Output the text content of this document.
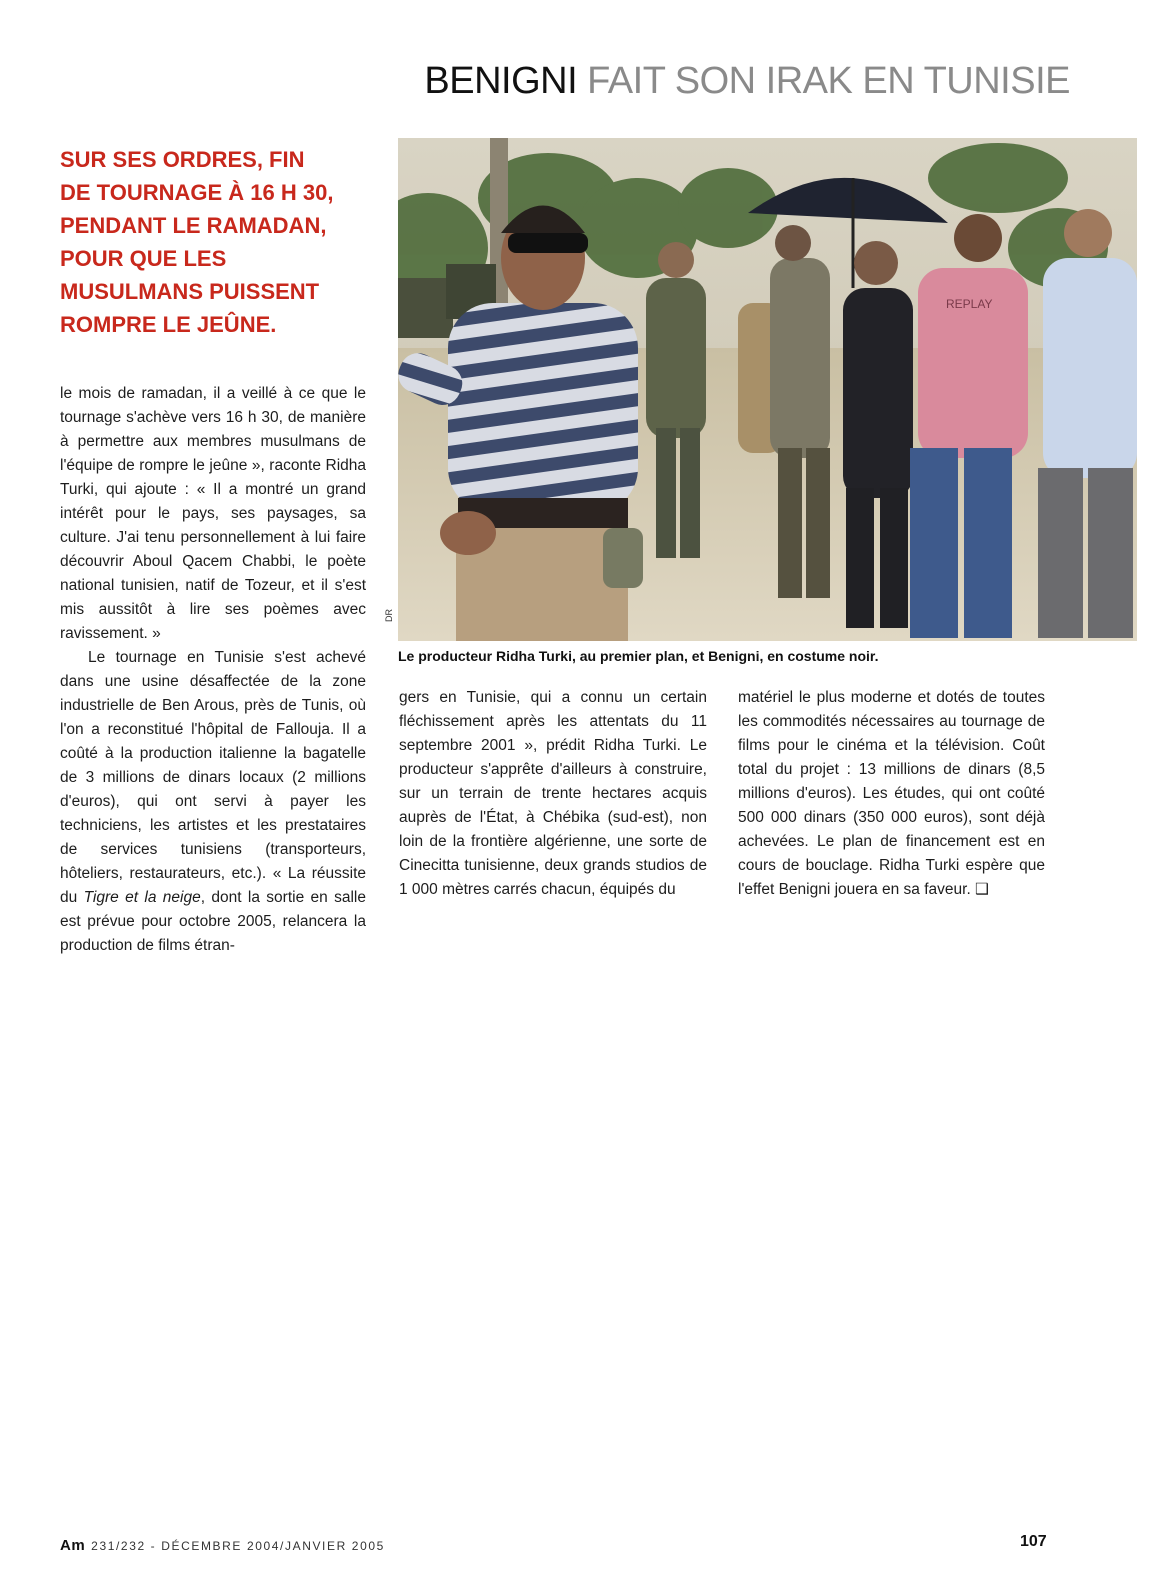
BENIGNI FAIT SON IRAK EN TUNISIE
SUR SES ORDRES, FIN
DE TOURNAGE À 16 H 30,
PENDANT LE RAMADAN,
POUR QUE LES
MUSULMANS PUISSENT
ROMPRE LE JEÛNE.

le mois de ramadan, il a veillé à ce que le tournage s'achève vers 16 h 30, de manière à permettre aux membres musulmans de l'équipe de rompre le jeûne », raconte Ridha Turki, qui ajoute : « Il a montré un grand intérêt pour le pays, ses paysages, sa culture. J'ai tenu personnellement à lui faire découvrir Aboul Qacem Chabbi, le poète national tunisien, natif de Tozeur, et il s'est mis aussitôt à lire ses poèmes avec ravissement. »

Le tournage en Tunisie s'est achevé dans une usine désaffectée de la zone industrielle de Ben Arous, près de Tunis, où l'on a reconstitué l'hôpital de Fallouja. Il a coûté à la production italienne la bagatelle de 3 millions de dinars locaux (2 millions d'euros), qui ont servi à payer les techniciens, les artistes et les prestataires de services tunisiens (transporteurs, hôteliers, restaurateurs, etc.). « La réussite du Tigre et la neige, dont la sortie en salle est prévue pour octobre 2005, relancera la production de films étran-

REPLAY
DR
Le producteur Ridha Turki, au premier plan, et Benigni, en costume noir.

gers en Tunisie, qui a connu un certain fléchissement après les attentats du 11 septembre 2001 », prédit Ridha Turki. Le producteur s'apprête d'ailleurs à construire, sur un terrain de trente hectares acquis auprès de l'État, à Chébika (sud-est), non loin de la frontière algérienne, une sorte de Cinecitta tunisienne, deux grands studios de 1 000 mètres carrés chacun, équipés du

matériel le plus moderne et dotés de toutes les commodités nécessaires au tournage de films pour le cinéma et la télévision. Coût total du projet : 13 millions de dinars (8,5 millions d'euros). Les études, qui ont coûté 500 000 dinars (350 000 euros), sont déjà achevées. Le plan de financement est en cours de bouclage. Ridha Turki espère que l'effet Benigni jouera en sa faveur. ❑

Am 231/232 - DÉCEMBRE 2004/JANVIER 2005	107
